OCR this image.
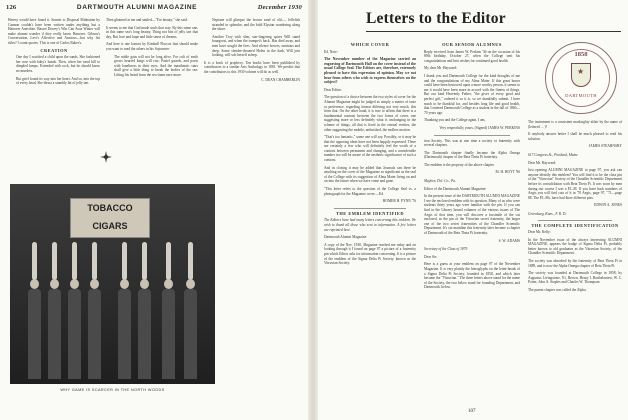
126	DARTMOUTH ALUMNI MAGAZINE	December 1930

Heresy would have found it. Sonnet to Disposal Midnatine by Cannon couldn't have been written under anything but a Hanover Anecdote. Basset Dewey's Win Can Asus Winter will make alumni wonder if they really know Hanover. Gibson's Conversation, Levi's Affective and Anxious—but why list titles? I count quotes. This is one of Carlos Baker's.

CREATION

One day I watched a child upon the sands. She fashioned her rose with baby's hands. Then, when her sand hill to dimpled lumps. Extended with rock, but he should know no murders.

But grief found its way into her heart. And so, into the top of every head, She thrust a stumbly bit of jelly tart.

Then gleamed at me and smiled—"For beauty," she said.

It seems to me that God made souls that way. By this same one, in this same sea's long beauty, Thing not bits of jelly tart that day, But love and hope and little sense of dreams.

And here is one lomost by Kimball Flaccus that should make you want to read the others in his Sojourner:

The noble gain will not be long alive. For cult of earth grows hearted kings will rise, Pastel guards, and poets with loneliness in their eyes. And the inauthentic stars shall give a little thing to break the bodies of the sea: Lifting his heard from the sea foam once more.

Neptune will glimpse the brown sand of old,— Jellefish stranded in splendor, and the bold Elysian wandering along the shore.

Another Troy with slim, star-fingering spires Will stand bourgeost, and when the trumpet's back. Has died away, and men have sought the fires. And silence hovers, ominous and deep, Some slender-throated Helen in the dark, Will join looking, will sob herself asleep.

It is a book of prophecy. Ten books have been published by contributors to a similar Arts Anthology in 1881. We predict that the contributors to this 1930 volume will do as well.

C. DEAN CHAMBERLIN
TOBACCO
CIGARS
WHY GAME IS SCARCER IN THE NORTH WOODS
Letters to the Editor
WHICH COVER

Ed. Note:

The November number of the Magazine carried an engraving of Dartmouth Hall on the cover instead of the usual College Seal. The Editors are, therefore, extremely pleased to have this expression of opinion. May we not hear from others who wish to express themselves on the subject?

Dear Editor:

The question of a choice between the two styles of cover for the Alumni Magazine might be judged as simply a matter of taste or preference, regarding format differing not very much, this from that. On the other hand, it is true to affirm that there is a fundamental contrast between the two forms of cover, one suggesting more or less definitely what is unchanging in the scheme of things, all that is fixed in the eternal verities, the other suggesting the mobile, unfinished, the endless motion.

"That's too fantastic," some one will say. Possibly; or it may be that the opposing ideas have not been happily expressed. There are certainly a few who will definitely feel the worth of a contrast between permanent and changing, and a considerable number too will be aware of the aesthetic significance of such a contrast.

And in closing it may be added that Journals can there be anything on the cover of the Magazine so significant as the seal of the College with its suggestion of Alma Mater living on and on into the future when we have come and gone.

"This letter refers to the question of the College Seal vs. a photograph for the Magazine cover.—Ed.

HOMER H. PYNN '76
THE EMBLEM IDENTIFIED

The Editors have had many letters concerning this emblem. We wish to thank all those who sent in information. A few letters are reprinted here.

Dartmouth Alumni Magazine

A copy of the Nov. 1930, Magazine reached me today and on looking through it I found on page 97 a picture of a fraternity pin which Editor asks for information concerning. It is a picture of the emblem of the Sigma Delta Pi Society, known as the Vitruvian Society.

OUR SENIOR ALUMNUS

Reply received from James W. Perkins '36 on the occasion of his 89th birthday, October 27, when the College sent his congratulations and best wishes for continued good health.

My dear Mr. Hayward:

I thank you and Dartmouth College for the kind thoughts of me and the congratulations of my Alma Mater. If this great honor could have been bestowed upon a more worthy person, it seems to me it would have been more in accord with the fitness of things. But our kind Heavenly Father, "the giver of every good and perfect gift," ordered it so it is, so we thankfully submit. I have much to be thankful for, and besides long life and good health, that I entered Dartmouth College as a student in the fall of 1860—70 years ago.

Thanking you and the College again, I am,

Very respectfully yours, (Signed) JAMES W. PERKINS

tion Society. This was at one time a society or fraternity with several chapters.

The Dartmouth chapter finally became the Alpha Omega (Dartmouth) chapter of the Beta Theta Pi fraternity.

The emblem is the property of the above chapter.

M. H. HOYT '96

Mayken, Del. Co., Pa.

Editor of the Dartmouth Alumni Magazine:

In the present issue of the DARTMOUTH ALUMNI MAGAZINE I see the enclosed emblem with its question. Many of us who were students thirty years ago were familiar with the pin. If you can find in the Library bound volumes of the various issues of The Aegis of that time, you will discover a facsimile of the cut enclosed, as the pin of the Vitruvian secret fraternity, the larger one of the two secret fraternities of the Chandler Scientific Department. It's cut mainline this fraternity later became a chapter of Dartmouth of the Beta Theta Pi fraternity.

S. W. ADAMS

Secretary of the Class of 1879

Dear Sir:

Here is a guess at your emblem on page 97 of the November Magazine. It is very plainly the hieroglyphs on the letter-heads of a Sigma Delta Pi Society, founded in 1858, and which later became the "Vitruvian." The three letters above stand for the name of the Society, the two below stand for founding Department, and Dartmouth, below.

1858
★
DARTMOUTH

The instrument is a consistent marksighty affair by the name of (lettered ... )?

If anybody answer better I shall be much pleased to read his solution.

JAMES STEARNSBY

617 Congress St., Portland, Maine

Dear Mr. Hayward:

Just opening ALUMNI MAGAZINE to page 97, you ask can anyone identify this emblem? You will find it to be the class pin of the "Vitruvian" Society of the Chandler Scientific Department before its consolidation with Beta Theta Pi. It was worn by men during our course I was a P.L.M. If you have back numbers of Aegis you will find cuts of it in '70 Aegis, page 97, "71—page 88. The P.L.Ms. have had three different pins.

EDWIN A. JONES

Greenburg, Kans., F. R. D.

THE COMPLETE IDENTIFICATION

Dear Mr. Kelly:

In the November issue of the always interesting ALUMNI MAGAZINE, appears the badge of Sigma Delta Pi, probably better known to old graduates as the Vitruvian Society, of the Chandler Scientific Department.

The society was absorbed by the fraternity of Beta Theta Pi in 1889, and is now the Alpha Omega chapter of Beta Theta Pi.

The society was founded at Dartmouth College in 1858, by Augustus Livingstone, '61, Brown, Henry I. Barthelomew, W. C. Potter, John A. Staples and Charles W. Thompson.

The parent chapter was called the Alpha.

107
